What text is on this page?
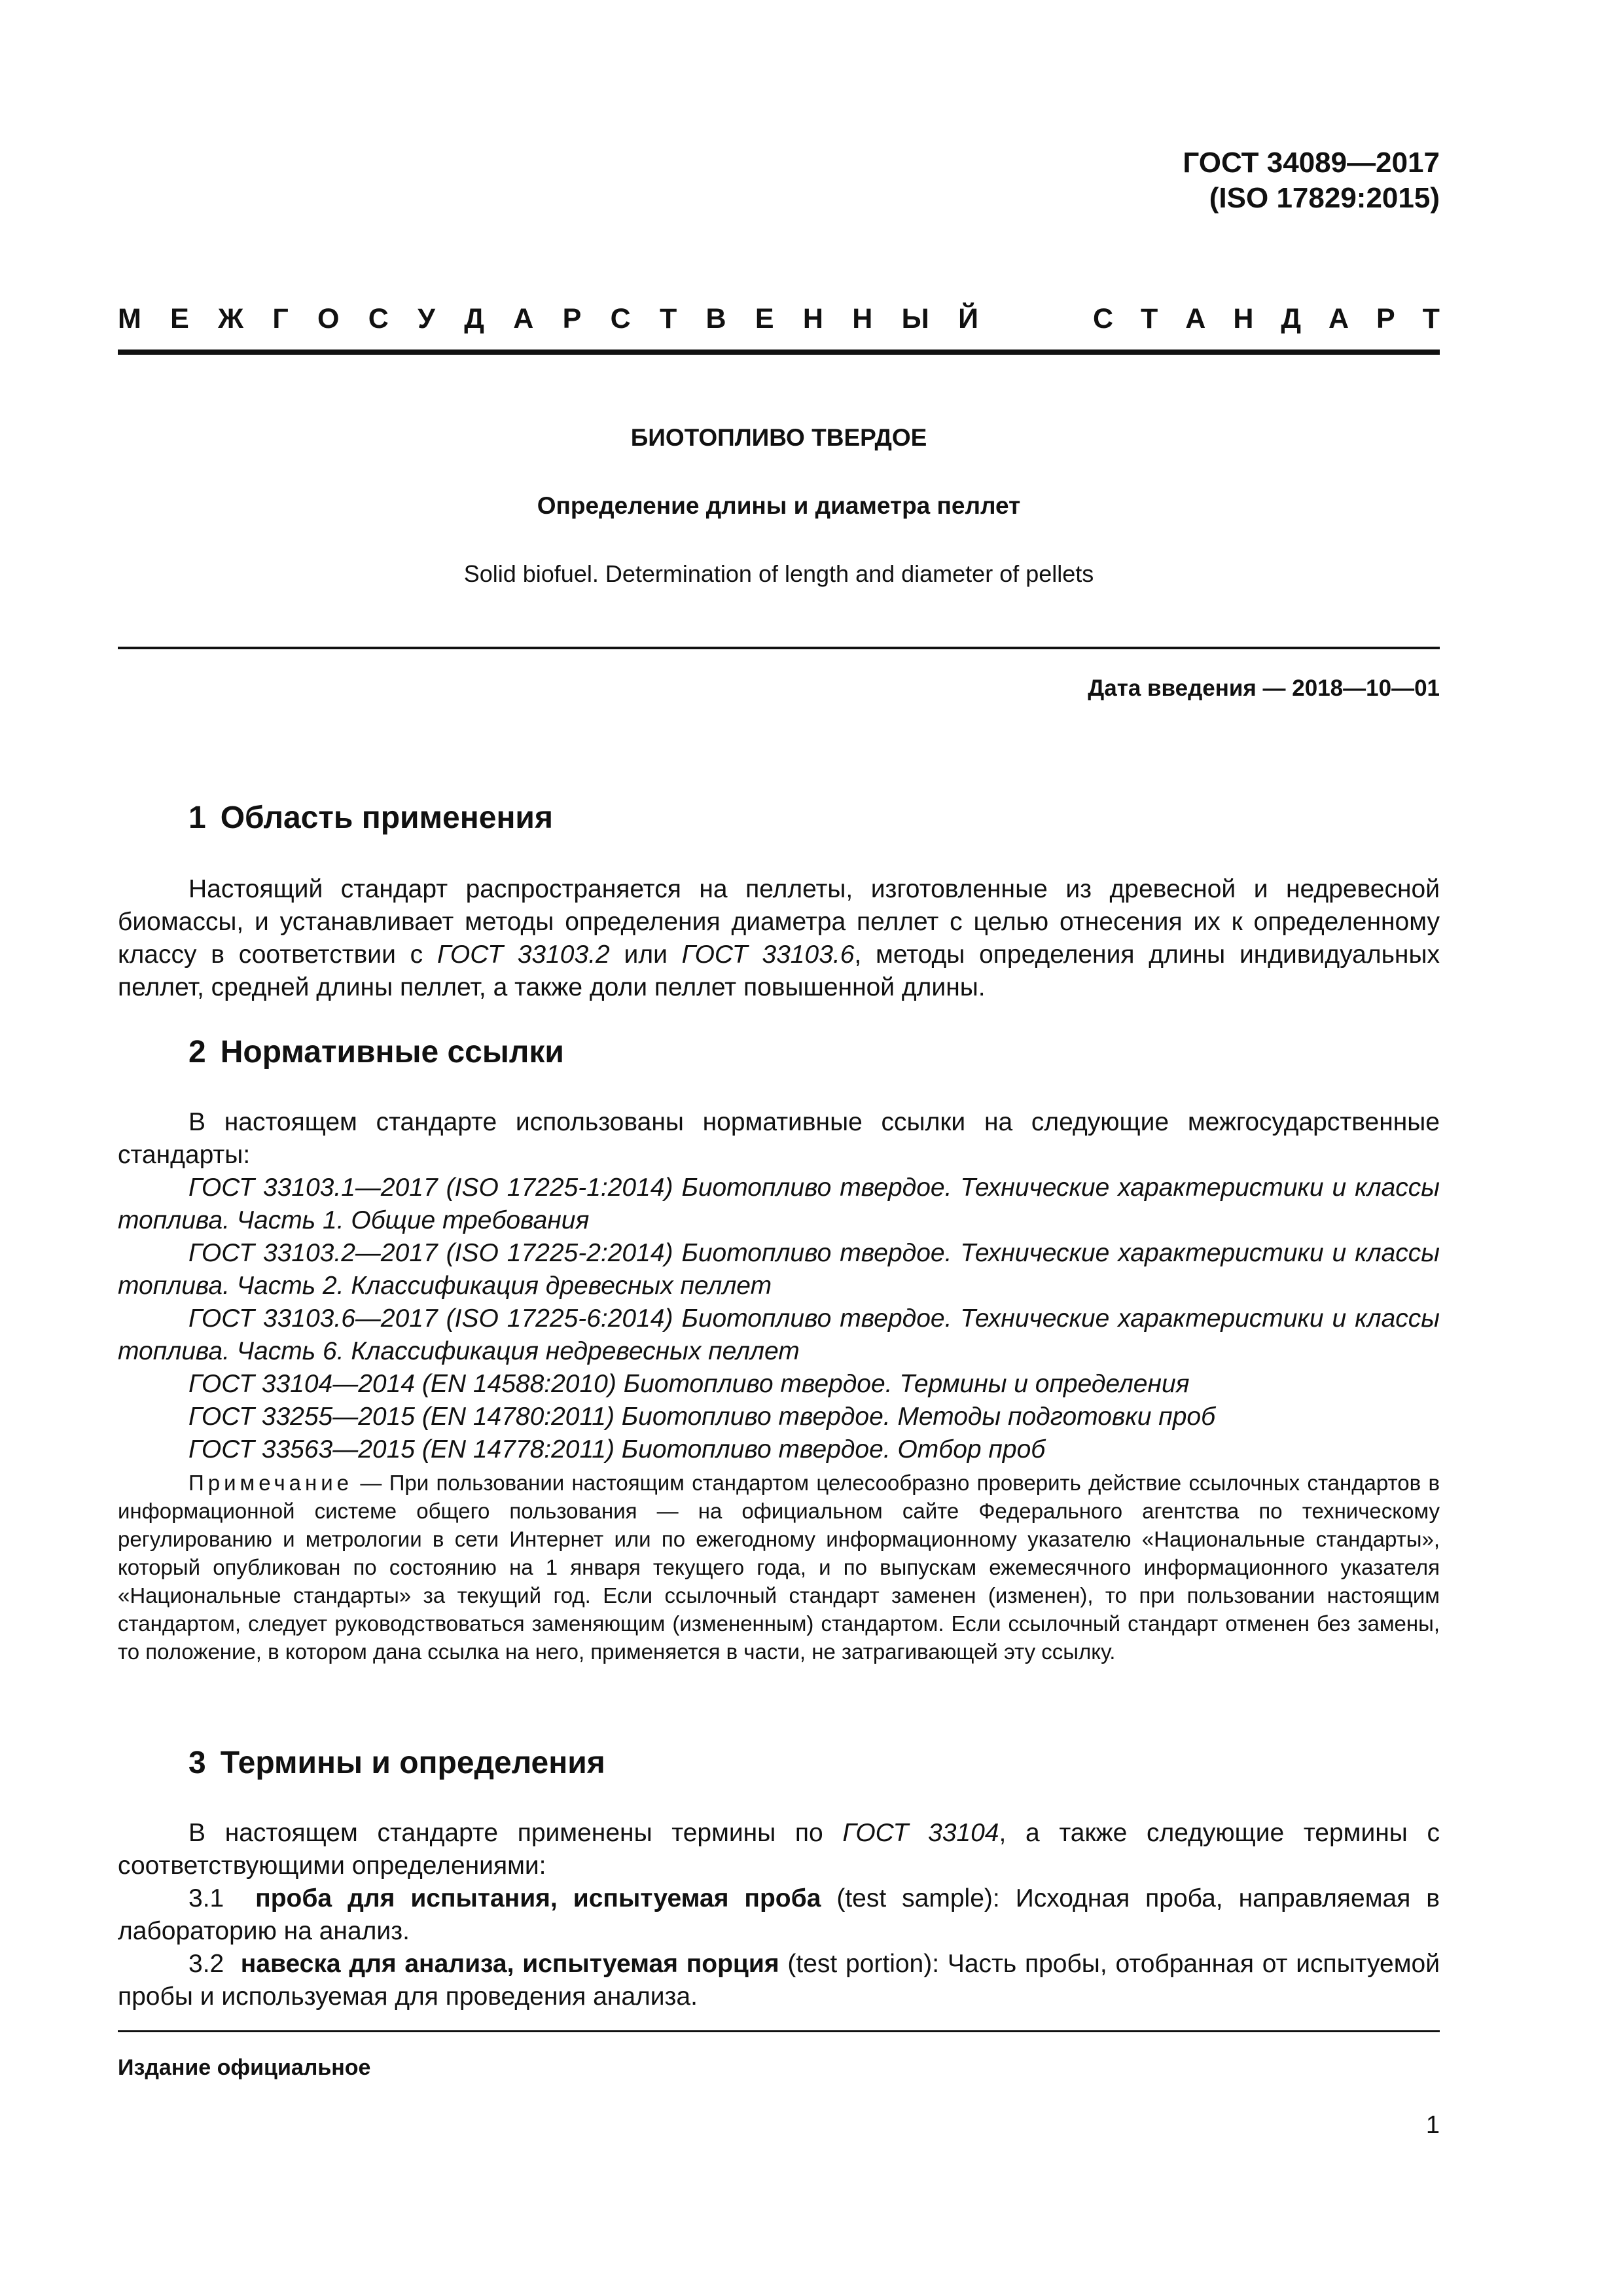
ГОСТ 34089—2017
(ISO 17829:2015)
М Е Ж Г О С У Д А Р С Т В Е Н Н Ы Й	С Т А Н Д А Р Т
БИОТОПЛИВО ТВЕРДОЕ
Определение длины и диаметра пеллет
Solid biofuel. Determination of length and diameter of pellets
Дата введения — 2018—10—01
1 Область применения

Настоящий стандарт распространяется на пеллеты, изготовленные из древесной и недревесной биомассы, и устанавливает методы определения диаметра пеллет с целью отнесения их к определенному классу в соответствии с ГОСТ 33103.2 или ГОСТ 33103.6, методы определения длины индивидуальных пеллет, средней длины пеллет, а также доли пеллет повышенной длины.

2 Нормативные ссылки

В настоящем стандарте использованы нормативные ссылки на следующие межгосударственные стандарты:

ГОСТ 33103.1—2017 (ISO 17225-1:2014) Биотопливо твердое. Технические характеристики и классы топлива. Часть 1. Общие требования

ГОСТ 33103.2—2017 (ISO 17225-2:2014) Биотопливо твердое. Технические характеристики и классы топлива. Часть 2. Классификация древесных пеллет

ГОСТ 33103.6—2017 (ISO 17225-6:2014) Биотопливо твердое. Технические характеристики и классы топлива. Часть 6. Классификация недревесных пеллет

ГОСТ 33104—2014 (EN 14588:2010) Биотопливо твердое. Термины и определения

ГОСТ 33255—2015 (EN 14780:2011) Биотопливо твердое. Методы подготовки проб

ГОСТ 33563—2015 (EN 14778:2011) Биотопливо твердое. Отбор проб

Примечание — При пользовании настоящим стандартом целесообразно проверить действие ссылочных стандартов в информационной системе общего пользования — на официальном сайте Федерального агентства по техническому регулированию и метрологии в сети Интернет или по ежегодному информационному указателю «Национальные стандарты», который опубликован по состоянию на 1 января текущего года, и по выпускам ежемесячного информационного указателя «Национальные стандарты» за текущий год. Если ссылочный стандарт заменен (изменен), то при пользовании настоящим стандартом, следует руководствоваться заменяющим (измененным) стандартом. Если ссылочный стандарт отменен без замены, то положение, в котором дана ссылка на него, применяется в части, не затрагивающей эту ссылку.
3 Термины и определения

В настоящем стандарте применены термины по ГОСТ 33104, а также следующие термины с соответствующими определениями:

3.1 проба для испытания, испытуемая проба (test sample): Исходная проба, направляемая в лабораторию на анализ.

3.2 навеска для анализа, испытуемая порция (test portion): Часть пробы, отобранная от испытуемой пробы и используемая для проведения анализа.

Издание официальное
1
